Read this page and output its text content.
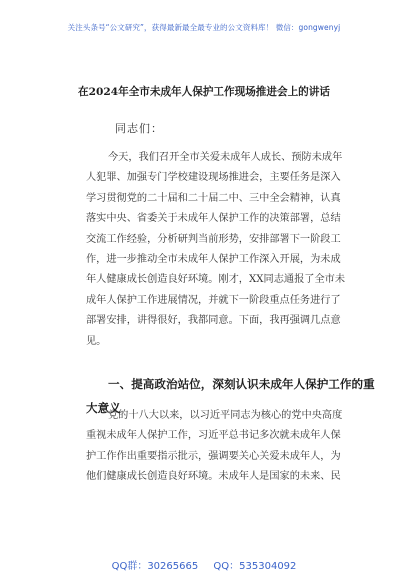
关注头条号“公文研究”，获得最新最全最专业的公文资料库！ 微信：gongwenyj
在2024年全市未成年人保护工作现场推进会上的讲话
同志们：
今天，我们召开全市关爱未成年人成长、预防未成年
人犯罪、加强专门学校建设现场推进会，主要任务是深入
学习贯彻党的二十届和二十届二中、三中全会精神，认真
落实中央、省委关于未成年人保护工作的决策部署，总结
交流工作经验，分析研判当前形势，安排部署下一阶段工
作，进一步推动全市未成年人保护工作深入开展，为未成
年人健康成长创造良好环境。刚才，XX同志通报了全市未
成年人保护工作进展情况，并就下一阶段重点任务进行了
部署安排，讲得很好，我都同意。下面，我再强调几点意
见。
一、提高政治站位，深刻认识未成年人保护工作的重
大意义
党的十八大以来，以习近平同志为核心的党中央高度
重视未成年人保护工作，习近平总书记多次就未成年人保
护工作作出重要指示批示，强调要关心关爱未成年人，为
他们健康成长创造良好环境。未成年人是国家的未来、民
QQ群：30265665 QQ：535304092
